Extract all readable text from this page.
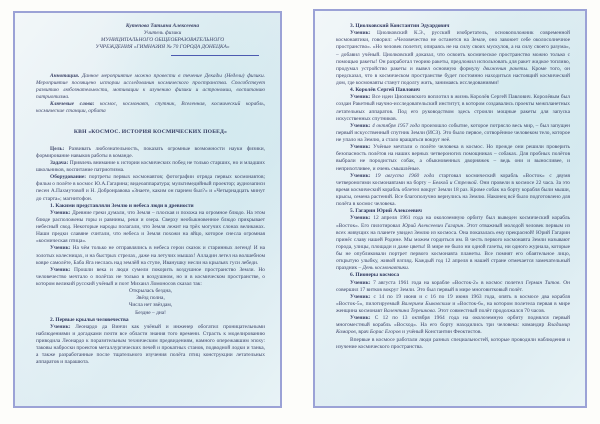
Кутепова Татьяна Алексеевна
Учитель физики
МУНИЦИПАЛЬНОГО ОБЩЕОБРАЗОВАТЕЛЬНОГО
УЧРЕЖДЕНИЯ «ГИМНАЗИЯ № 70 ГОРОДА ДОНЕЦКА»

Аннотация. Данное мероприятие можно провести в течение Декады (Недели) физики. Мероприятие посвящено истории исследования космического пространства. Способствует развитию любознательности, мотивации к изучению физики и астрономии, воспитанию патриотизма.

Ключевые слова: космос, космонавт, спутник, Вселенная, космический корабль, космические станции, орбита

КВН «КОСМОС. ИСТОРИЯ КОСМИЧЕСКИХ ПОБЕД»

Цель: Развивать любознательность, показать огромные возможности науки физики, формирование навыков работы в команде.

Задача: Привлечь внимание к истории космических побед не только старших, но и младших школьников, воспитание патриотизма.

Оборудование: портреты первых космонавтов; фотографии отряда первых космонавтов; фильм о полёте в космос Ю.А.Гагарина; видеоаппаратура; мультимедийный проектор; аудиозаписи песен А.Пахмутовой и Н. Добронравова «Знаете, каким он парнем был?» и «Четырнадцать минут до старта»; магнитофон.

1. Какими представляли Землю и небеса люди в древности

Ученик: Древние греки думали, что Земля – плоская и похожа на огромное блюдо. На этом блюде расположены горы и равнины, реки и озера. Сверху необыкновенное блюдо прикрывает небесный свод. Некоторые народы полагали, что Земля лежит на трёх могучих слонах великанах. Наши предки славяне считали, что небеса и Земля похожи на яйцо, которое снесла огромная «космическая птица».

Ученик: На чём только не отправлялись в небеса герои сказок и старинных легенд! И на золотых колесницах, и на быстрых стрелах, даже на летучих мышах! Алладин летел на волшебном ковре самолёте, Баба Яга неслась над землёй на ступе, Иванушку несли на крыльях гуси лебеди.

Ученик: Прошли века и люди сумели покорить воздушное пространство Земли. Но человечество мечтало о полётах не только в воздушном, но и в космическом пространстве, о котором великий русский учёный и поэт Михаил Ломоносов сказал так:

Открылась бездна,
Звёзд полна,
Числа нет звёздам,
Бездне – дна!

2. Первые крылья человечества

Ученик: Леонардо да Винчи как учёный и инженер обогатил проницательными наблюдениями и догадками почти все области знания того времени. Страсть к моделированию приводила Леонардо к поразительным техническим предвидениям, намного опережавшим эпоху: таковы наброски проектов металлургических печей и прокатных станов, подводной лодки и танка, а также разработанные после тщательного изучения полёта птиц конструкции летательных аппаратов и парашюта.

3. Циолковский Константин Эдуардович

Ученик: Циолковский К.Э., русский изобретатель, основоположник современной космонавтики, говорил: «Человечество не останется на Земле, оно завоюет себе околосолнечное пространство». «Но человек полетит, опираясь не на силу своих мускулов, а на силу своего разума», – добавил учёный. Циолковский доказал, что освоить космическое пространство можно только с помощью ракеты! Он разработал теорию ракеты, предложил использовать для ракет жидкое топливо, продумал устройство ракеты и вывел основную формулу движения ракеты. Кроме того, он предсказал, что в космическом пространстве будет постоянно находиться настоящий космический дом, где космонавты станут подолгу жить, занимаясь исследованиями!

4. Королёв Сергей Павлович

Ученик: Все идеи Циолковского воплотил в жизнь Королёв Сергей Павлович. Королёвым был создан Ракетный научно-исследовательский институт, в котором создавались проекты межпланетных летательных аппаратов. Под его руководством здесь строили мощные ракеты для запуска искусственных спутников.

Ученик: 4 октября 1957 года произошло событие, которое потрясло весь мир, – был запущен первый искусственный спутник Земли (ИСЗ). Это было первое, сотворённое человеком тело, которое не упало на Землю, а стало вращаться вокруг неё.

Ученик: Учёные мечтали о полёте человека в космос. Но прежде они решили проверить безопасность полётов на наших верных четвероногих помощниках – собаках. Для пробных полётов выбрали не породистых собак, а обыкновенных дворняжек – ведь они и выносливее, и неприхотливее, и очень смышлёные.

Ученик: 19 августа 1960 года стартовал космический корабль «Восток» с двумя четвероногими космонавтами на борту – Белкой и Стрелкой. Они провели в космосе 22 часа. За это время космический корабль облетел вокруг Земли 18 раз. Кроме собак на борту корабля были мыши, крысы, семена растений. Все благополучно вернулись на Землю. Наконец всё было подготовлено для полёта в космос человека.

5. Гагарин Юрий Алексеевич

Ученик: 12 апреля 1961 года на околоземную орбиту был выведен космический корабль «Восток». Его пилотировал Юрий Алексеевич Гагарин. Этот отважный молодой человек первым из всех живущих на планете увидел Землю из космоса. Она показалась ему прекрасной! Юрий Гагарин принёс славу нашей Родине. Мы можем гордиться им. В честь первого космонавта Земли называют города, улицы, площади и даже цветы! В мире не было ни одной газеты, ни одного журнала, которые бы не опубликовали портрет первого космонавта планеты. Все помнят его обаятельное лицо, открытую улыбку, живой взгляд. Каждый год 12 апреля в нашей стране отмечается замечательный праздник – День космонавтики.

6. Пионеры космоса

Ученик: 7 августа 1961 года на корабле «Восток-2» в космос полетел Герман Титов. Он совершил 17 витков вокруг Земли. Это был первый в мире многовитковый полёт.

Ученик: с 14 по 19 июня и с 16 по 19 июня 1963 года, опять в космосе два корабля «Восток-5», пилотируемый Валерием Быковским и «Восток-6», на котором полетела первая в мире женщина космонавт Валентина Терешкова. Этот совместный полёт продолжался 70 часов.

Ученик: С 12 по 13 октября 1964 года на околоземную орбиту поднялся первый многоместный корабль «Восход». На его борту находились три человека: командир Владимир Комаров, врач Борис Егоров и учёный Константин Феоктистов.

Впервые в космосе работали люди разных специальностей, которые проводили наблюдения и изучение космического пространства.
